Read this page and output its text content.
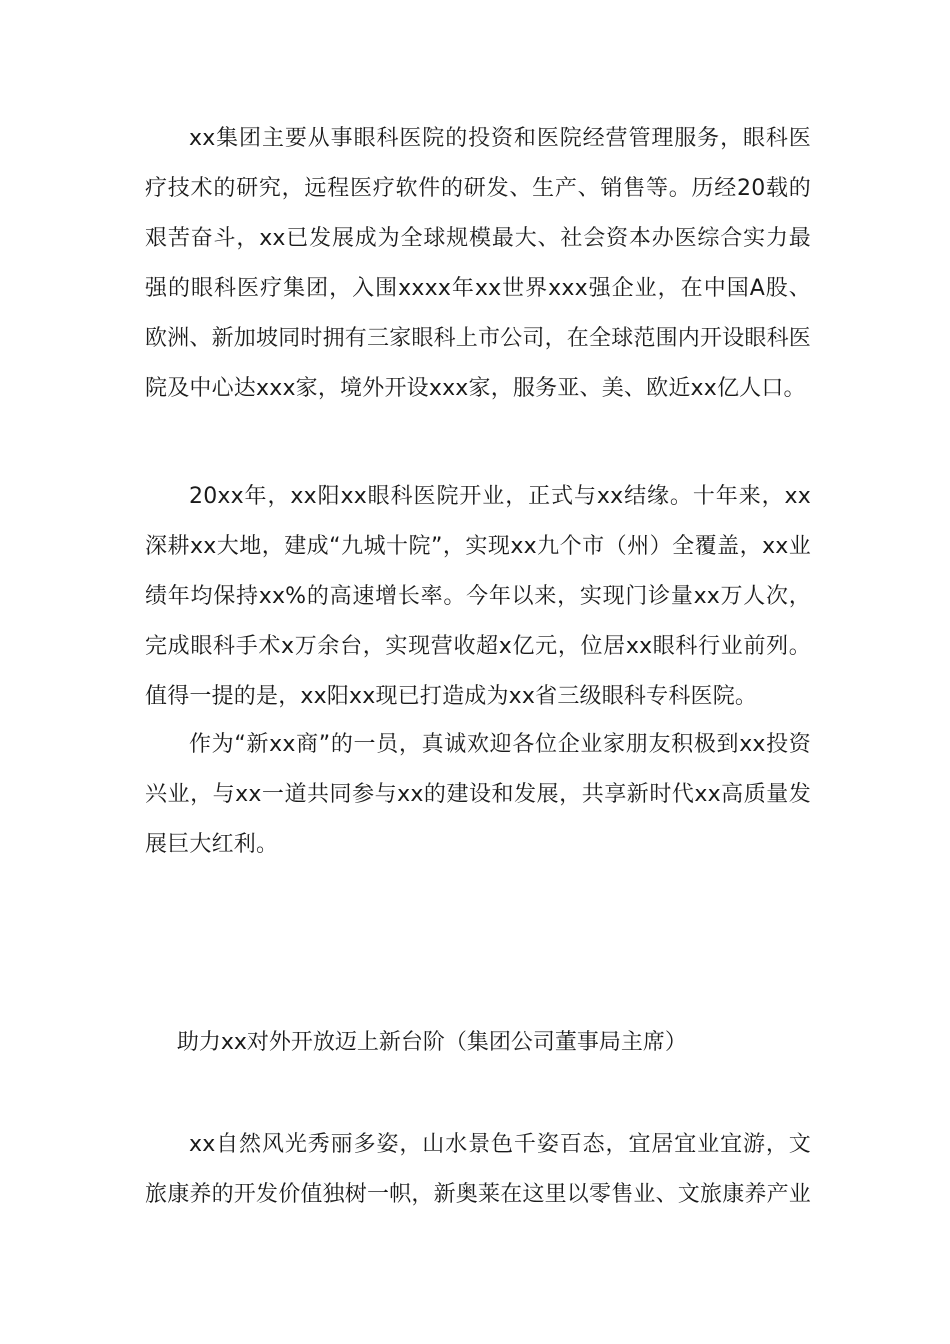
xx集团主要从事眼科医院的投资和医院经营管理服务，眼科医疗技术的研究，远程医疗软件的研发、生产、销售等。历经20载的艰苦奋斗，xx已发展成为全球规模最大、社会资本办医综合实力最强的眼科医疗集团，入围xxxx年xx世界xxx强企业，在中国A股、欧洲、新加坡同时拥有三家眼科上市公司，在全球范围内开设眼科医院及中心达xxx家，境外开设xxx家，服务亚、美、欧近xx亿人口。

20xx年，xx阳xx眼科医院开业，正式与xx结缘。十年来，xx深耕xx大地，建成“九城十院”，实现xx九个市（州）全覆盖，xx业绩年均保持xx%的高速增长率。今年以来，实现门诊量xx万人次，完成眼科手术x万余台，实现营收超x亿元，位居xx眼科行业前列。值得一提的是，xx阳xx现已打造成为xx省三级眼科专科医院。

作为“新xx商”的一员，真诚欢迎各位企业家朋友积极到xx投资兴业，与xx一道共同参与xx的建设和发展，共享新时代xx高质量发展巨大红利。

助力xx对外开放迈上新台阶（集团公司董事局主席）

xx自然风光秀丽多姿，山水景色千姿百态，宜居宜业宜游，文旅康养的开发价值独树一帜，新奥莱在这里以零售业、文旅康养产业
